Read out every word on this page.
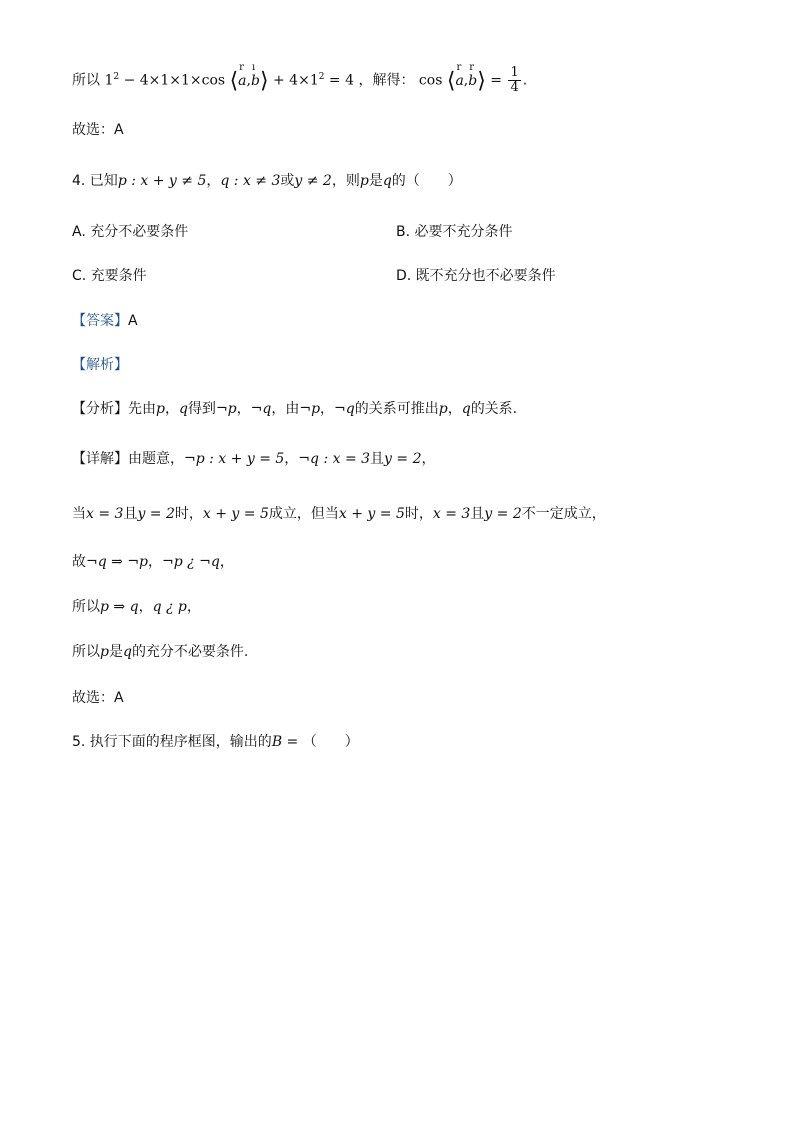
所以 $1^2 - 4\times 1\times 1\times\cos$ ⟨
r
a,
ı
b⟩ + $4\times 1^2 = 4$ ，解得： cos ⟨
r
a,
r
b⟩ = $\frac{1}{4}$ .
故选：A
4. 已知p : x + y ≠ 5，q : x ≠ 3或y ≠ 2，则p是q的（　　）
A. 充分不必要条件	B. 必要不充分条件
C. 充要条件	D. 既不充分也不必要条件
【答案】A
【解析】
【分析】先由p，q得到¬p，¬q，由¬p，¬q的关系可推出p，q的关系.
【详解】由题意，¬p : x + y = 5，¬q : x = 3且y = 2，
当x = 3且y = 2时，x + y = 5成立，但当x + y = 5时，x = 3且y = 2不一定成立，
故¬q ⇒ ¬p，¬p ¿ ¬q，
所以p ⇒ q，q ¿ p，
所以p是q的充分不必要条件.
故选：A
5. 执行下面的程序框图，输出的B = （　　）
